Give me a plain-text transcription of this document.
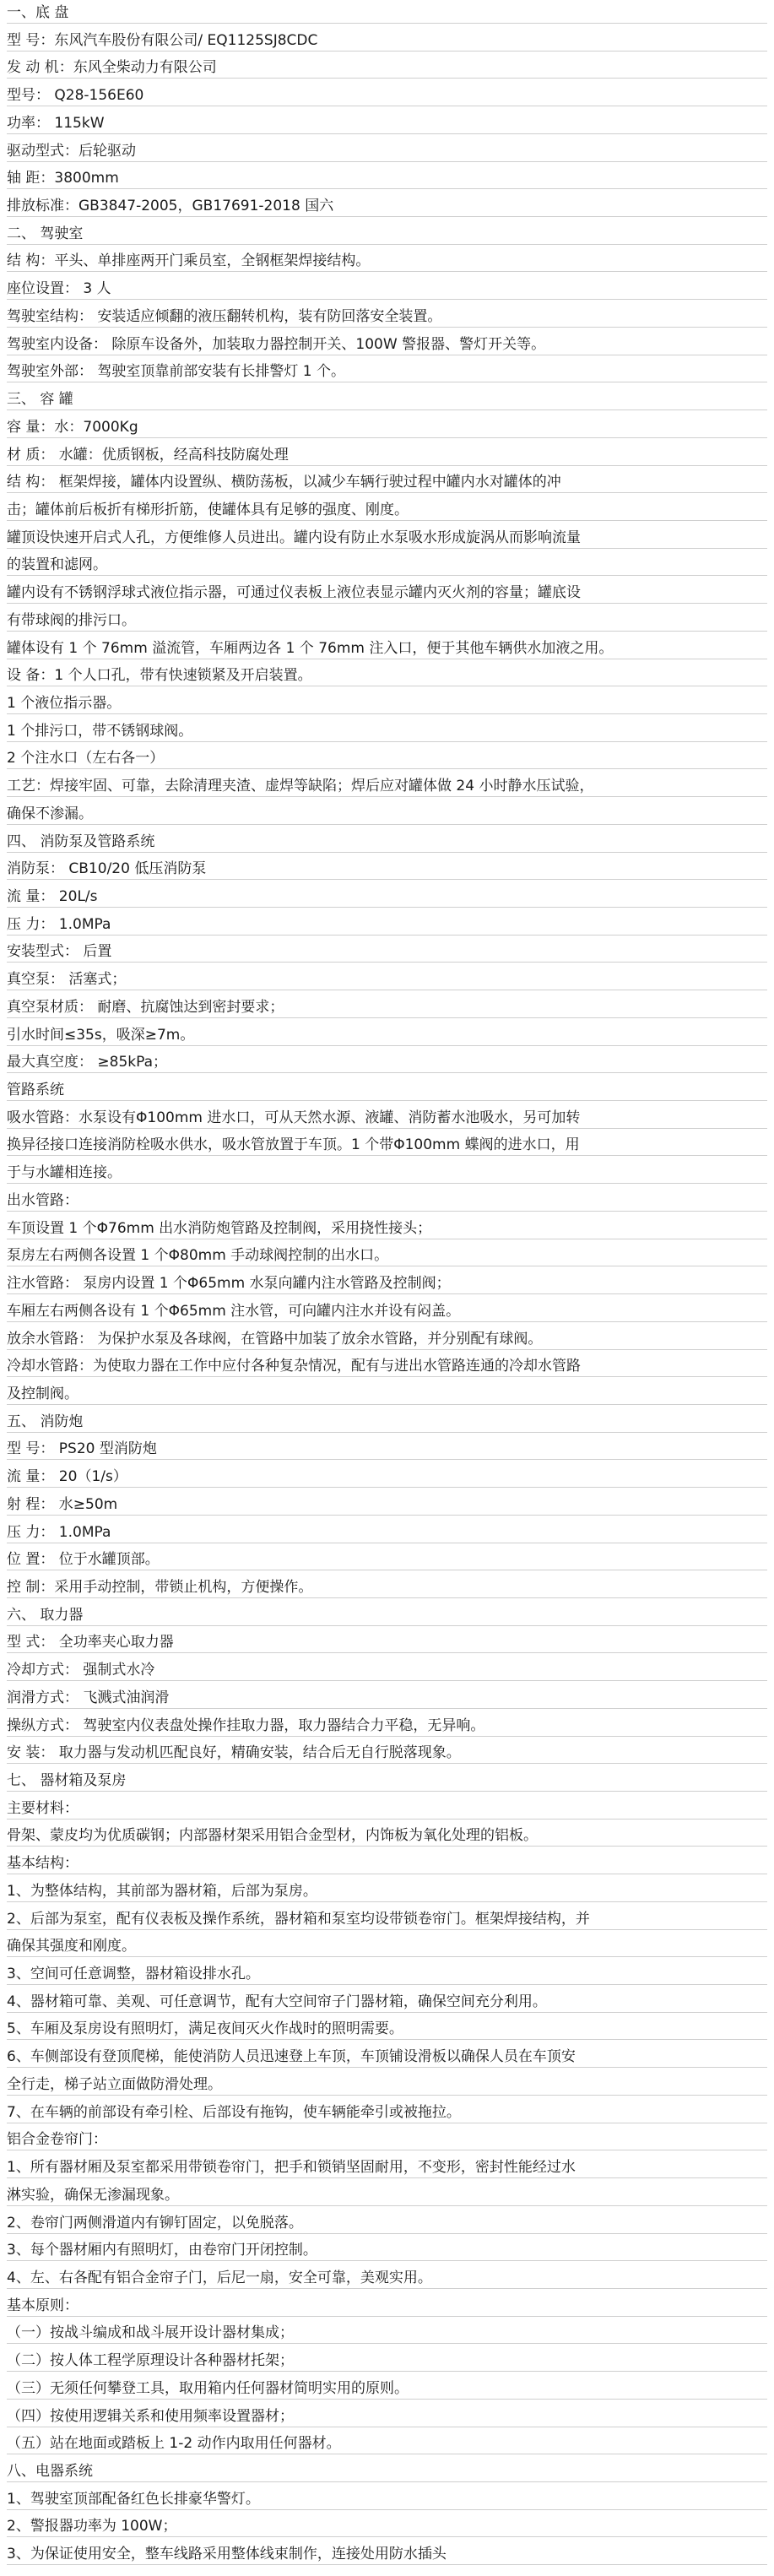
一、底 盘
型 号：东风汽车股份有限公司/ EQ1125SJ8CDC
发 动 机：东风全柴动力有限公司
型号： Q28-156E60
功率： 115kW
驱动型式：后轮驱动
轴 距：3800mm
排放标准：GB3847-2005，GB17691-2018 国六
二、 驾驶室
结 构：平头、单排座两开门乘员室，全钢框架焊接结构。
座位设置： 3 人
驾驶室结构： 安装适应倾翻的液压翻转机构，装有防回落安全装置。
驾驶室内设备： 除原车设备外，加装取力器控制开关、100W 警报器、警灯开关等。
驾驶室外部： 驾驶室顶靠前部安装有长排警灯 1 个。
三、 容 罐
容 量：水：7000Kg
材 质： 水罐：优质钢板，经高科技防腐处理
结 构： 框架焊接，罐体内设置纵、横防荡板，以减少车辆行驶过程中罐内水对罐体的冲
击；罐体前后板折有梯形折筋，使罐体具有足够的强度、刚度。
罐顶设快速开启式人孔，方便维修人员进出。罐内设有防止水泵吸水形成旋涡从而影响流量
的装置和滤网。
罐内设有不锈钢浮球式液位指示器，可通过仪表板上液位表显示罐内灭火剂的容量；罐底设
有带球阀的排污口。
罐体设有 1 个 76mm 溢流管，车厢两边各 1 个 76mm 注入口，便于其他车辆供水加液之用。
设 备：1 个人口孔，带有快速锁紧及开启装置。
1 个液位指示器。
1 个排污口，带不锈钢球阀。
2 个注水口（左右各一）
工艺：焊接牢固、可靠，去除清理夹渣、虚焊等缺陷；焊后应对罐体做 24 小时静水压试验，
确保不渗漏。
四、 消防泵及管路系统
消防泵： CB10/20 低压消防泵
流 量： 20L/s
压 力： 1.0MPa
安装型式： 后置
真空泵： 活塞式；
真空泵材质： 耐磨、抗腐蚀达到密封要求；
引水时间≤35s，吸深≥7m。
最大真空度： ≥85kPa；
管路系统
吸水管路：水泵设有Φ100mm 进水口，可从天然水源、液罐、消防蓄水池吸水，另可加转
换异径接口连接消防栓吸水供水，吸水管放置于车顶。1 个带Φ100mm 蝶阀的进水口，用
于与水罐相连接。
出水管路：
车顶设置 1 个Φ76mm 出水消防炮管路及控制阀，采用挠性接头；
泵房左右两侧各设置 1 个Φ80mm 手动球阀控制的出水口。
注水管路： 泵房内设置 1 个Φ65mm 水泵向罐内注水管路及控制阀；
车厢左右两侧各设有 1 个Φ65mm 注水管，可向罐内注水并设有闷盖。
放余水管路： 为保护水泵及各球阀，在管路中加装了放余水管路，并分别配有球阀。
冷却水管路：为使取力器在工作中应付各种复杂情况，配有与进出水管路连通的冷却水管路
及控制阀。
五、 消防炮
型 号： PS20 型消防炮
流 量： 20（1/s）
射 程： 水≥50m
压 力： 1.0MPa
位 置： 位于水罐顶部。
控 制：采用手动控制，带锁止机构，方便操作。
六、 取力器
型 式： 全功率夹心取力器
冷却方式： 强制式水冷
润滑方式： 飞溅式油润滑
操纵方式： 驾驶室内仪表盘处操作挂取力器，取力器结合力平稳，无异响。
安 装： 取力器与发动机匹配良好，精确安装，结合后无自行脱落现象。
七、 器材箱及泵房
主要材料：
骨架、蒙皮均为优质碳钢；内部器材架采用铝合金型材，内饰板为氧化处理的铝板。
基本结构：
1、为整体结构，其前部为器材箱，后部为泵房。
2、后部为泵室，配有仪表板及操作系统，器材箱和泵室均设带锁卷帘门。框架焊接结构，并
确保其强度和刚度。
3、空间可任意调整，器材箱设排水孔。
4、器材箱可靠、美观、可任意调节，配有大空间帘子门器材箱，确保空间充分利用。
5、车厢及泵房设有照明灯，满足夜间灭火作战时的照明需要。
6、车侧部设有登顶爬梯，能使消防人员迅速登上车顶，车顶铺设滑板以确保人员在车顶安
全行走，梯子站立面做防滑处理。
7、在车辆的前部设有牵引栓、后部设有拖钩，使车辆能牵引或被拖拉。
铝合金卷帘门：
1、所有器材厢及泵室都采用带锁卷帘门，把手和锁销坚固耐用，不变形，密封性能经过水
淋实验，确保无渗漏现象。
2、卷帘门两侧滑道内有铆钉固定，以免脱落。
3、每个器材厢内有照明灯，由卷帘门开闭控制。
4、左、右各配有铝合金帘子门，后尼一扇，安全可靠，美观实用。
基本原则：
（一）按战斗编成和战斗展开设计器材集成；
（二）按人体工程学原理设计各种器材托架；
（三）无须任何攀登工具，取用箱内任何器材简明实用的原则。
（四）按使用逻辑关系和使用频率设置器材；
（五）站在地面或踏板上 1-2 动作内取用任何器材。
八、电器系统
1、驾驶室顶部配备红色长排豪华警灯。
2、警报器功率为 100W；
3、为保证使用安全，整车线路采用整体线束制作，连接处用防水插头
